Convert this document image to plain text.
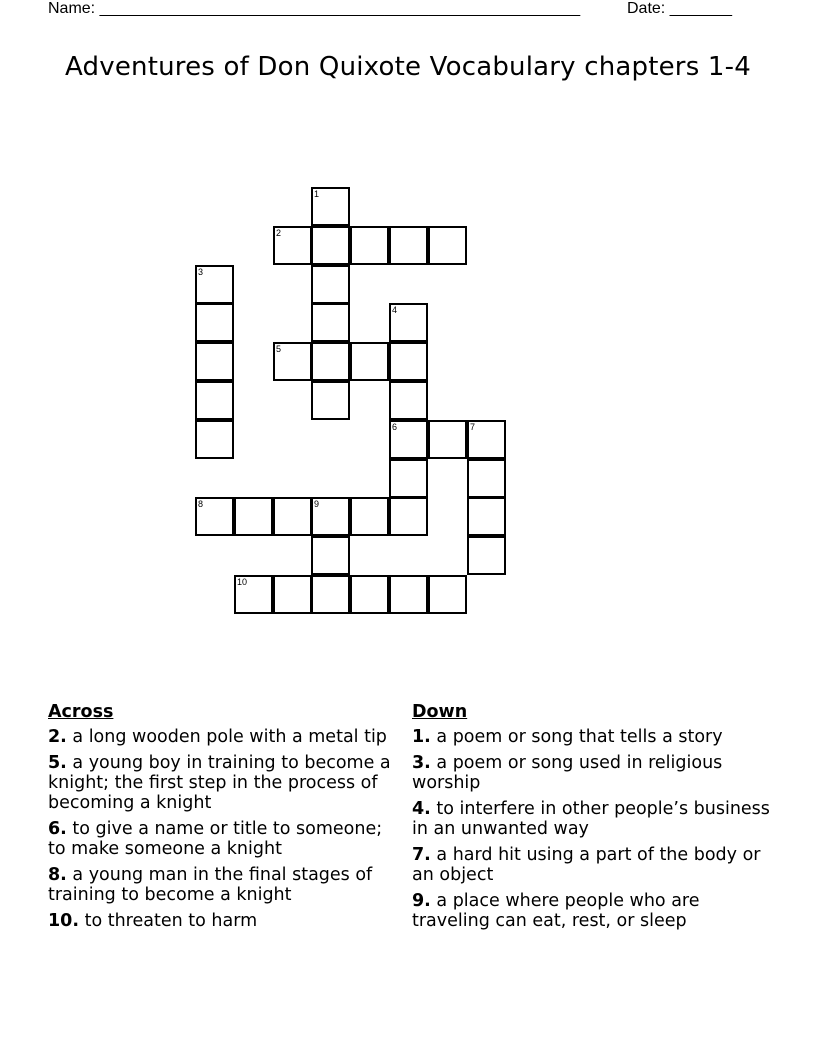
Name: ______________________________________________________	Date: _______
Adventures of Don Quixote Vocabulary chapters 1-4
1
2
3
4
5
6	7
8	9
10
Across
2. a long wooden pole with a metal tip
5. a young boy in training to become a knight; the first step in the process of becoming a knight
6. to give a name or title to someone; to make someone a knight
8. a young man in the final stages of training to become a knight
10. to threaten to harm
Down
1. a poem or song that tells a story
3. a poem or song used in religious worship
4. to interfere in other people’s business in an unwanted way
7. a hard hit using a part of the body or an object
9. a place where people who are traveling can eat, rest, or sleep
